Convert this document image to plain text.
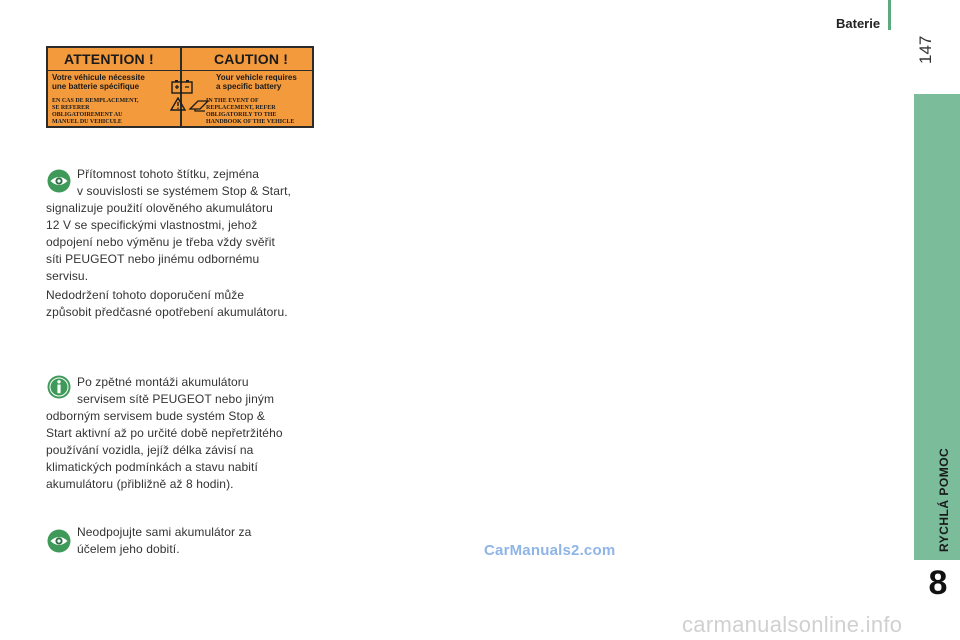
Baterie
147
RYCHLÁ POMOC
8
ATTENTION !	CAUTION !
Votre véhicule nécessite
une batterie spécifique
Your vehicle requires
a specific battery
EN CAS DE REMPLACEMENT,
SE REFERER
OBLIGATOIREMENT AU
MANUEL DU VEHICULE
IN THE EVENT OF
REPLACEMENT, REFER
OBLIGATORILY TO THE
HANDBOOK OF THE VEHICLE
Přítomnost tohoto štítku, zejména
v souvislosti se systémem Stop & Start,
signalizuje použití olověného akumulátoru
12 V se specifickými vlastnostmi, jehož
odpojení nebo výměnu je třeba vždy svěřit
síti PEUGEOT nebo jinému odbornému
servisu.
Nedodržení tohoto doporučení může
způsobit předčasné opotřebení akumulátoru.
Po zpětné montáži akumulátoru
servisem sítě PEUGEOT nebo jiným
odborným servisem bude systém Stop &
Start aktivní až po určité době nepřetržitého
používání vozidla, jejíž délka závisí na
klimatických podmínkách a stavu nabití
akumulátoru (přibližně až 8 hodin).
Neodpojujte sami akumulátor za
účelem jeho dobití.	CarManuals2.com
carmanualsonline.info
